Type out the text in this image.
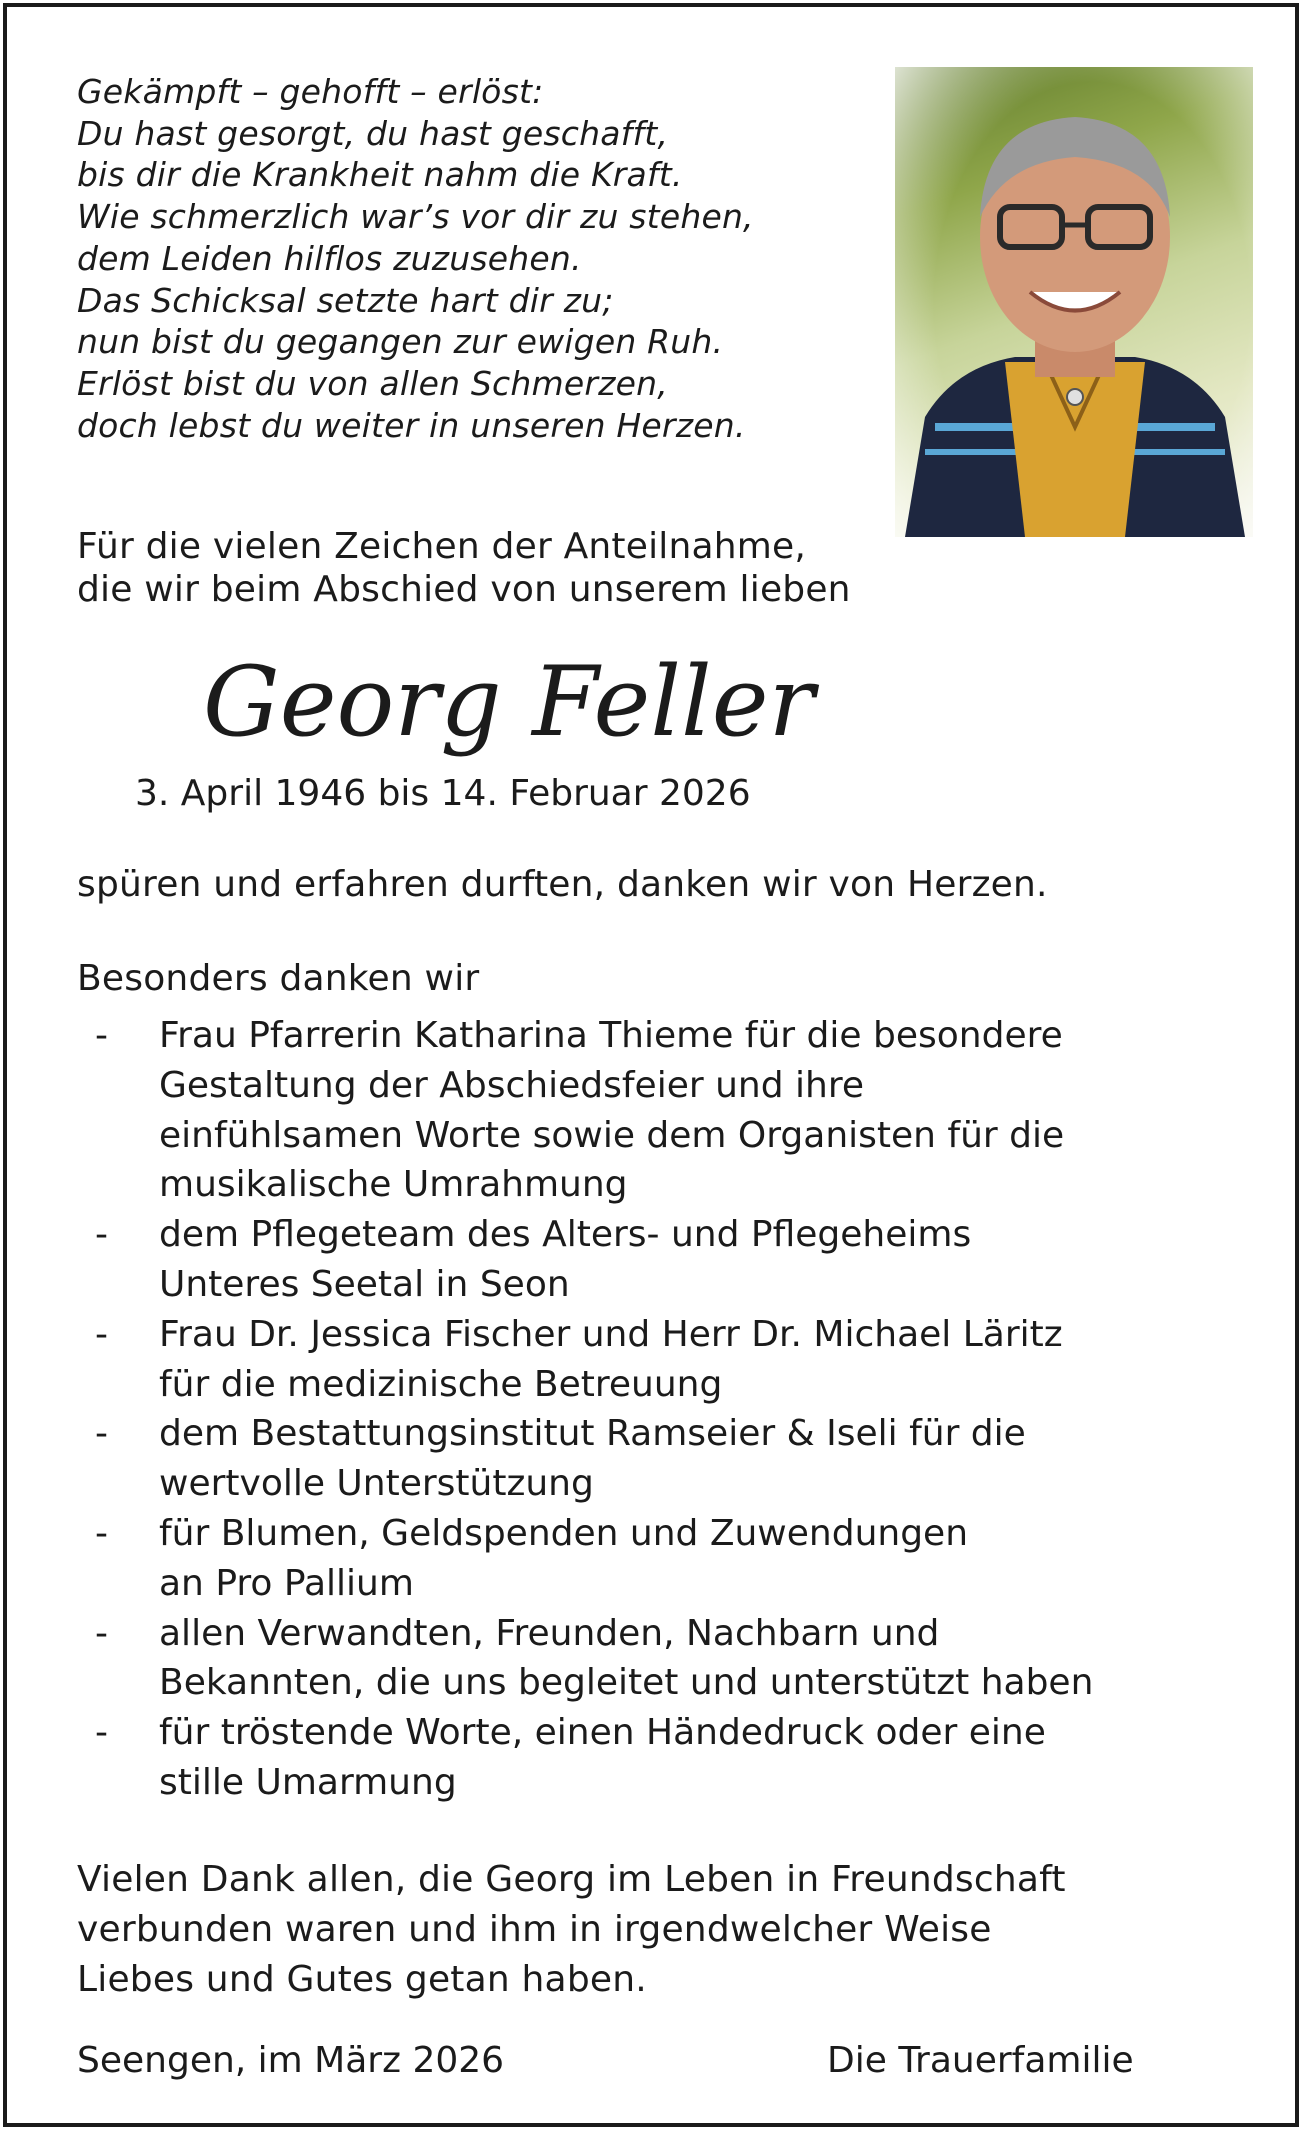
Gekämpft – gehofft – erlöst:
Du hast gesorgt, du hast geschafft,
bis dir die Krankheit nahm die Kraft.
Wie schmerzlich war’s vor dir zu stehen,
dem Leiden hilflos zuzusehen.
Das Schicksal setzte hart dir zu;
nun bist du gegangen zur ewigen Ruh.
Erlöst bist du von allen Schmerzen,
doch lebst du weiter in unseren Herzen.
Für die vielen Zeichen der Anteilnahme,
die wir beim Abschied von unserem lieben
Georg Feller
3. April 1946 bis 14. Februar 2026
spüren und erfahren durften, danken wir von Herzen.
Besonders danken wir
- Frau Pfarrerin Katharina Thieme für die besondere
Gestaltung der Abschiedsfeier und ihre
einfühlsamen Worte sowie dem Organisten für die
musikalische Umrahmung
- dem Pflegeteam des Alters- und Pflegeheims
Unteres Seetal in Seon
- Frau Dr. Jessica Fischer und Herr Dr. Michael Läritz
für die medizinische Betreuung
- dem Bestattungsinstitut Ramseier & Iseli für die
wertvolle Unterstützung
- für Blumen, Geldspenden und Zuwendungen
an Pro Pallium
- allen Verwandten, Freunden, Nachbarn und
Bekannten, die uns begleitet und unterstützt haben
- für tröstende Worte, einen Händedruck oder eine
stille Umarmung
Vielen Dank allen, die Georg im Leben in Freundschaft
verbunden waren und ihm in irgendwelcher Weise
Liebes und Gutes getan haben.
Seengen, im März 2026	Die Trauerfamilie
